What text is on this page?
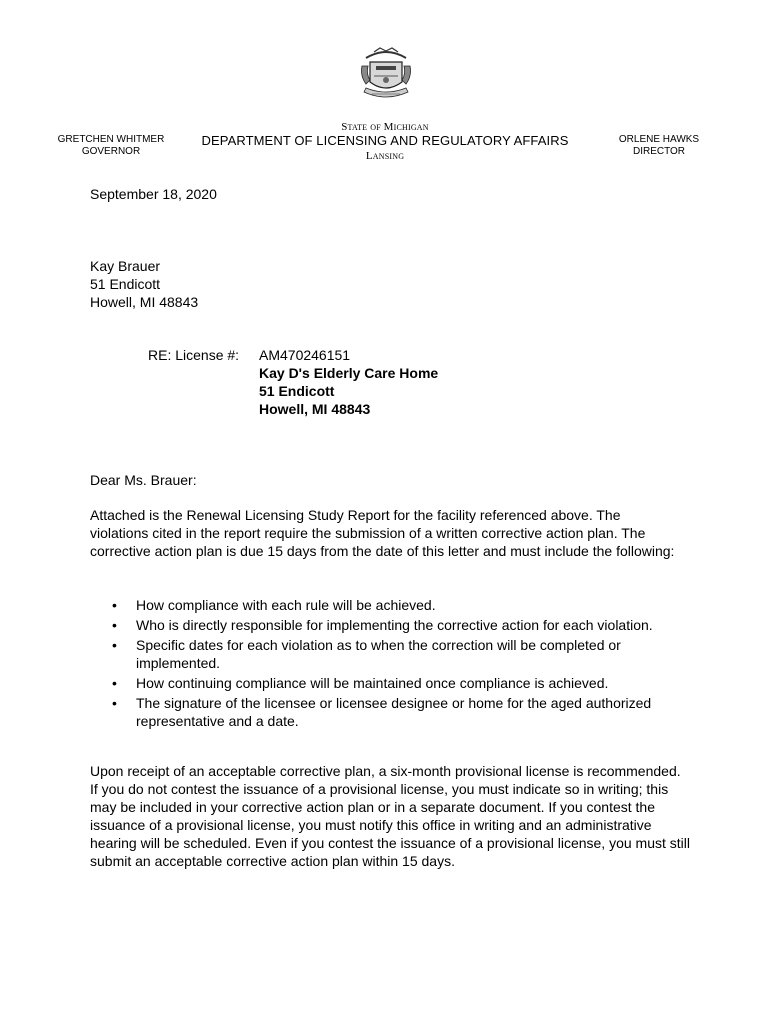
State of Michigan
DEPARTMENT OF LICENSING AND REGULATORY AFFAIRS
Lansing
GRETCHEN WHITMER
GOVERNOR
ORLENE HAWKS
DIRECTOR
September 18, 2020
Kay Brauer
51 Endicott
Howell, MI 48843
RE: License #: AM470246151
Kay D's Elderly Care Home
51 Endicott
Howell, MI 48843
Dear Ms. Brauer:
Attached is the Renewal Licensing Study Report for the facility referenced above. The violations cited in the report require the submission of a written corrective action plan. The corrective action plan is due 15 days from the date of this letter and must include the following:
• How compliance with each rule will be achieved.
• Who is directly responsible for implementing the corrective action for each violation.
• Specific dates for each violation as to when the correction will be completed or implemented.
• How continuing compliance will be maintained once compliance is achieved.
• The signature of the licensee or licensee designee or home for the aged authorized representative and a date.
Upon receipt of an acceptable corrective plan, a six-month provisional license is recommended. If you do not contest the issuance of a provisional license, you must indicate so in writing; this may be included in your corrective action plan or in a separate document. If you contest the issuance of a provisional license, you must notify this office in writing and an administrative hearing will be scheduled. Even if you contest the issuance of a provisional license, you must still submit an acceptable corrective action plan within 15 days.
